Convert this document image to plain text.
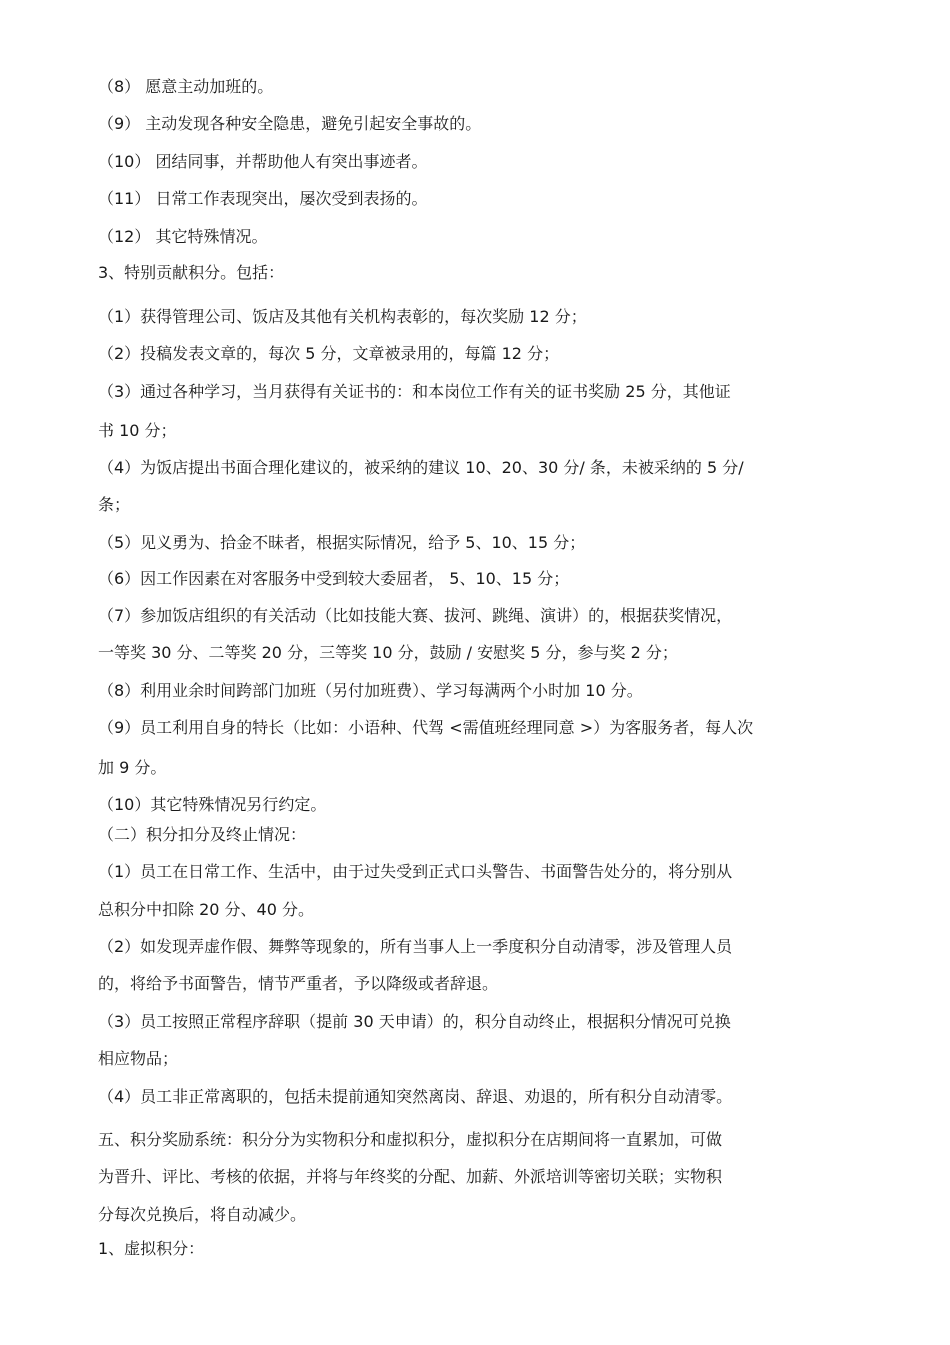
（8） 愿意主动加班的。
（9） 主动发现各种安全隐患，避免引起安全事故的。
（10） 团结同事，并帮助他人有突出事迹者。
（11） 日常工作表现突出，屡次受到表扬的。
（12） 其它特殊情况。
3、特别贡献积分。包括：
（1）获得管理公司、饭店及其他有关机构表彰的，每次奖励 12 分；
（2）投稿发表文章的，每次 5 分，文章被录用的，每篇 12 分；
（3）通过各种学习，当月获得有关证书的：和本岗位工作有关的证书奖励 25 分，其他证
书 10 分；
（4）为饭店提出书面合理化建议的，被采纳的建议 10、20、30 分/ 条，未被采纳的 5 分/
条；
（5）见义勇为、拾金不昧者，根据实际情况，给予 5、10、15 分；
（6）因工作因素在对客服务中受到较大委屈者， 5、10、15 分；
（7）参加饭店组织的有关活动（比如技能大赛、拔河、跳绳、演讲）的，根据获奖情况，
一等奖 30 分、二等奖 20 分，三等奖 10 分，鼓励 / 安慰奖 5 分，参与奖 2 分；
（8）利用业余时间跨部门加班（另付加班费）、学习每满两个小时加 10 分。
（9）员工利用自身的特长（比如：小语种、代驾 <需值班经理同意 >）为客服务者，每人次
加 9 分。
（10）其它特殊情况另行约定。
（二）积分扣分及终止情况：
（1）员工在日常工作、生活中，由于过失受到正式口头警告、书面警告处分的，将分别从
总积分中扣除 20 分、40 分。
（2）如发现弄虚作假、舞弊等现象的，所有当事人上一季度积分自动清零，涉及管理人员
的，将给予书面警告，情节严重者，予以降级或者辞退。
（3）员工按照正常程序辞职（提前 30 天申请）的，积分自动终止，根据积分情况可兑换
相应物品；
（4）员工非正常离职的，包括未提前通知突然离岗、辞退、劝退的，所有积分自动清零。
五、积分奖励系统：积分分为实物积分和虚拟积分，虚拟积分在店期间将一直累加，可做
为晋升、评比、考核的依据，并将与年终奖的分配、加薪、外派培训等密切关联；实物积
分每次兑换后，将自动减少。
1、虚拟积分：
